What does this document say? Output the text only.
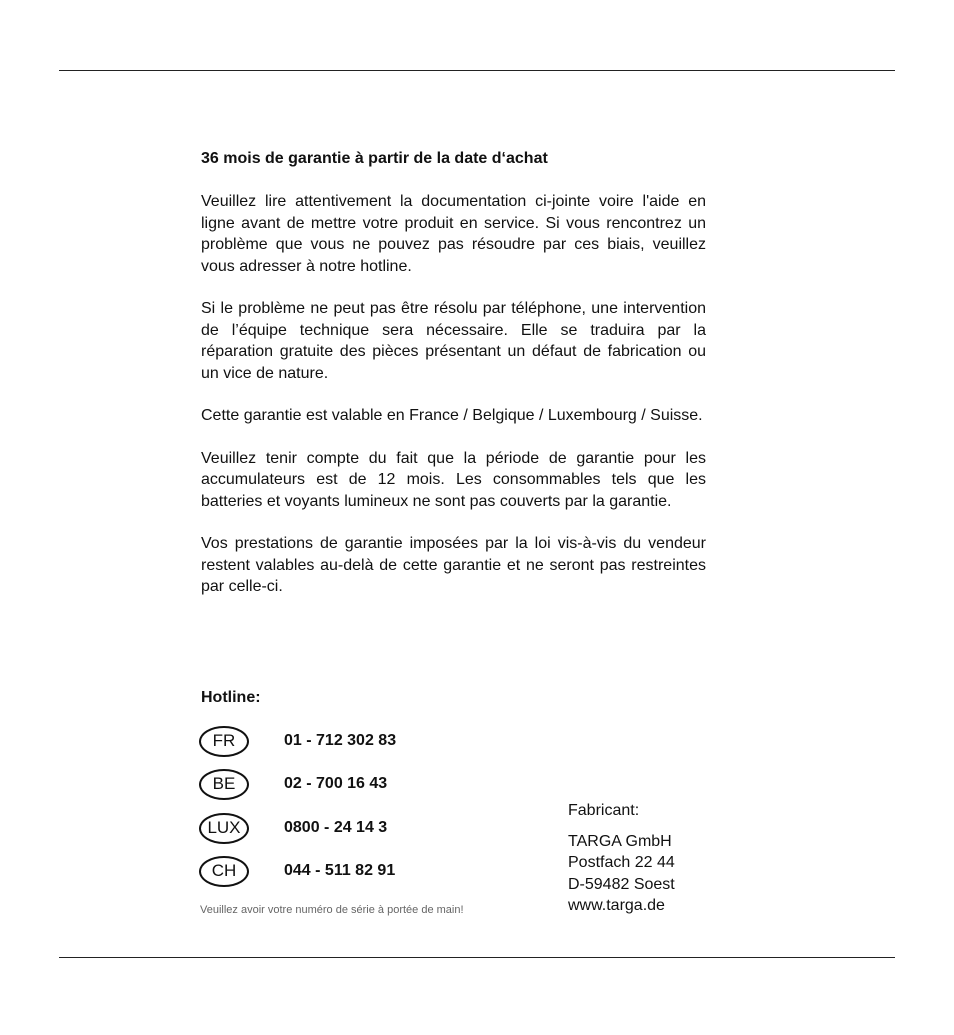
36 mois de garantie à partir de la date d‘achat

Veuillez lire attentivement la documentation ci-jointe voire l'aide en ligne avant de mettre votre produit en service. Si vous rencontrez un problème que vous ne pouvez pas résoudre par ces biais, veuillez vous adresser à notre hotline.

Si le problème ne peut pas être résolu par téléphone, une intervention de l’équipe technique sera nécessaire. Elle se traduira par la réparation gratuite des pièces présentant un défaut de fabrication ou un vice de nature.

Cette garantie est valable en France / Belgique / Luxembourg / Suisse.

Veuillez tenir compte du fait que la période de garantie pour les accumulateurs est de 12 mois. Les consommables tels que les batteries et voyants lumineux ne sont pas couverts par la garantie.

Vos prestations de garantie imposées par la loi vis-à-vis du vendeur restent valables au-delà de cette garantie et ne seront pas restreintes par celle-ci.

Hotline:
FR	01 - 712 302 83
BE	02 - 700 16 43
LUX	0800 - 24 14 3
CH	044 - 511 82 91
Veuillez avoir votre numéro de série à portée de main!
Fabricant:
TARGA GmbH
Postfach 22 44
D-59482 Soest
www.targa.de
